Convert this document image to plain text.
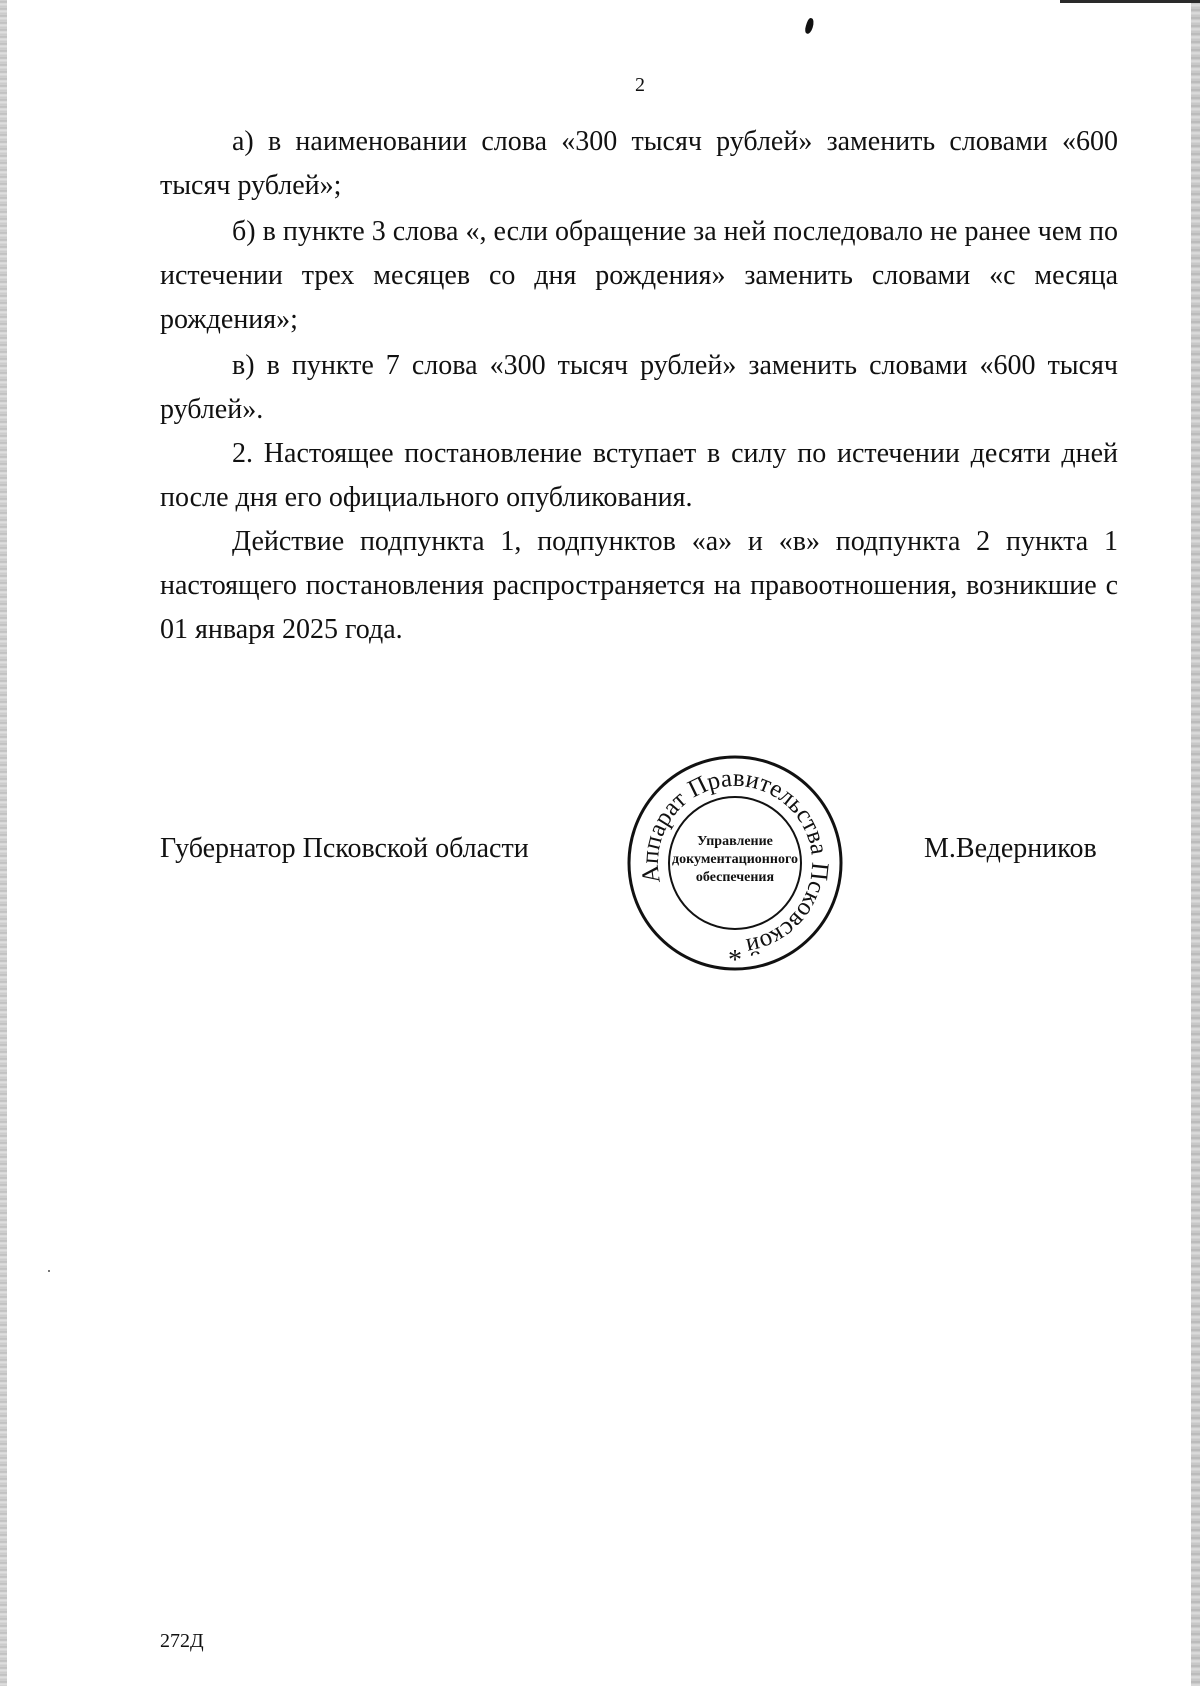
2

а) в наименовании слова «300 тысяч рублей» заменить словами «600 тысяч рублей»;

б) в пункте 3 слова «, если обращение за ней последовало не ранее чем по истечении трех месяцев со дня рождения» заменить словами «с месяца рождения»;

в) в пункте 7 слова «300 тысяч рублей» заменить словами «600 тысяч рублей».

2. Настоящее постановление вступает в силу по истечении десяти дней после дня его официального опубликования.

Действие подпункта 1, подпунктов «а» и «в» подпункта 2 пункта 1 настоящего постановления распространяется на правоотношения, возникшие с 01 января 2025 года.

Губернатор Псковской области
Аппарат Правительства Псковской
*
Управление
документационного
обеспечения
М.Ведерников
272Д
